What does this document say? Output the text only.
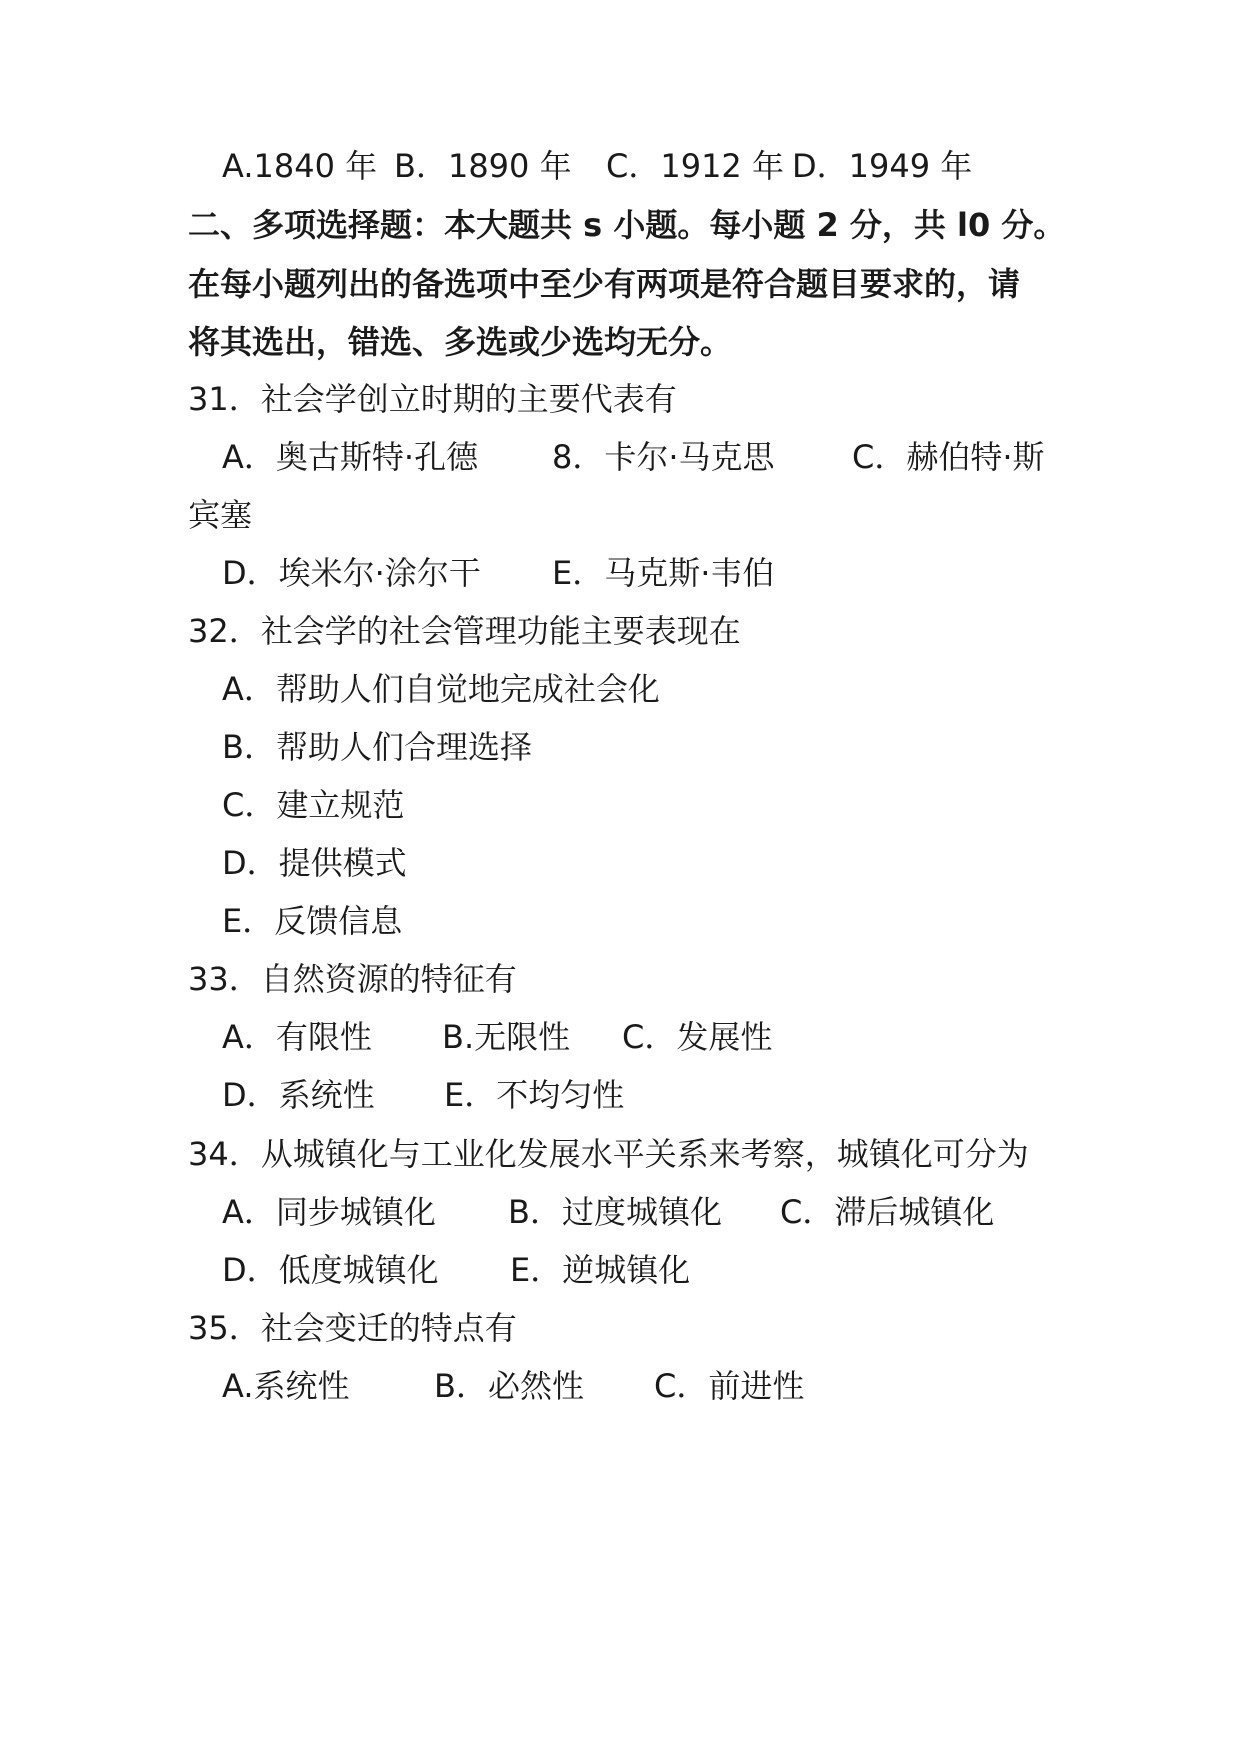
A.1840 年 B．1890 年 C．1912 年 D．1949 年
二、多项选择题：本大题共 s 小题。每小题 2 分，共 l0 分。
在每小题列出的备选项中至少有两项是符合题目要求的，请
将其选出，错选、多选或少选均无分。
31．社会学创立时期的主要代表有
A．奥古斯特·孔德 8．卡尔·马克思 C．赫伯特·斯
宾塞
D．埃米尔·涂尔干 E．马克斯·韦伯
32．社会学的社会管理功能主要表现在
A．帮助人们自觉地完成社会化
B．帮助人们合理选择
C．建立规范
D．提供模式
E．反馈信息
33．自然资源的特征有
A．有限性 B.无限性 C．发展性
D．系统性 E．不均匀性
34．从城镇化与工业化发展水平关系来考察，城镇化可分为
A．同步城镇化 B．过度城镇化 C．滞后城镇化
D．低度城镇化 E．逆城镇化
35．社会变迁的特点有
A.系统性	B．必然性 C．前进性
